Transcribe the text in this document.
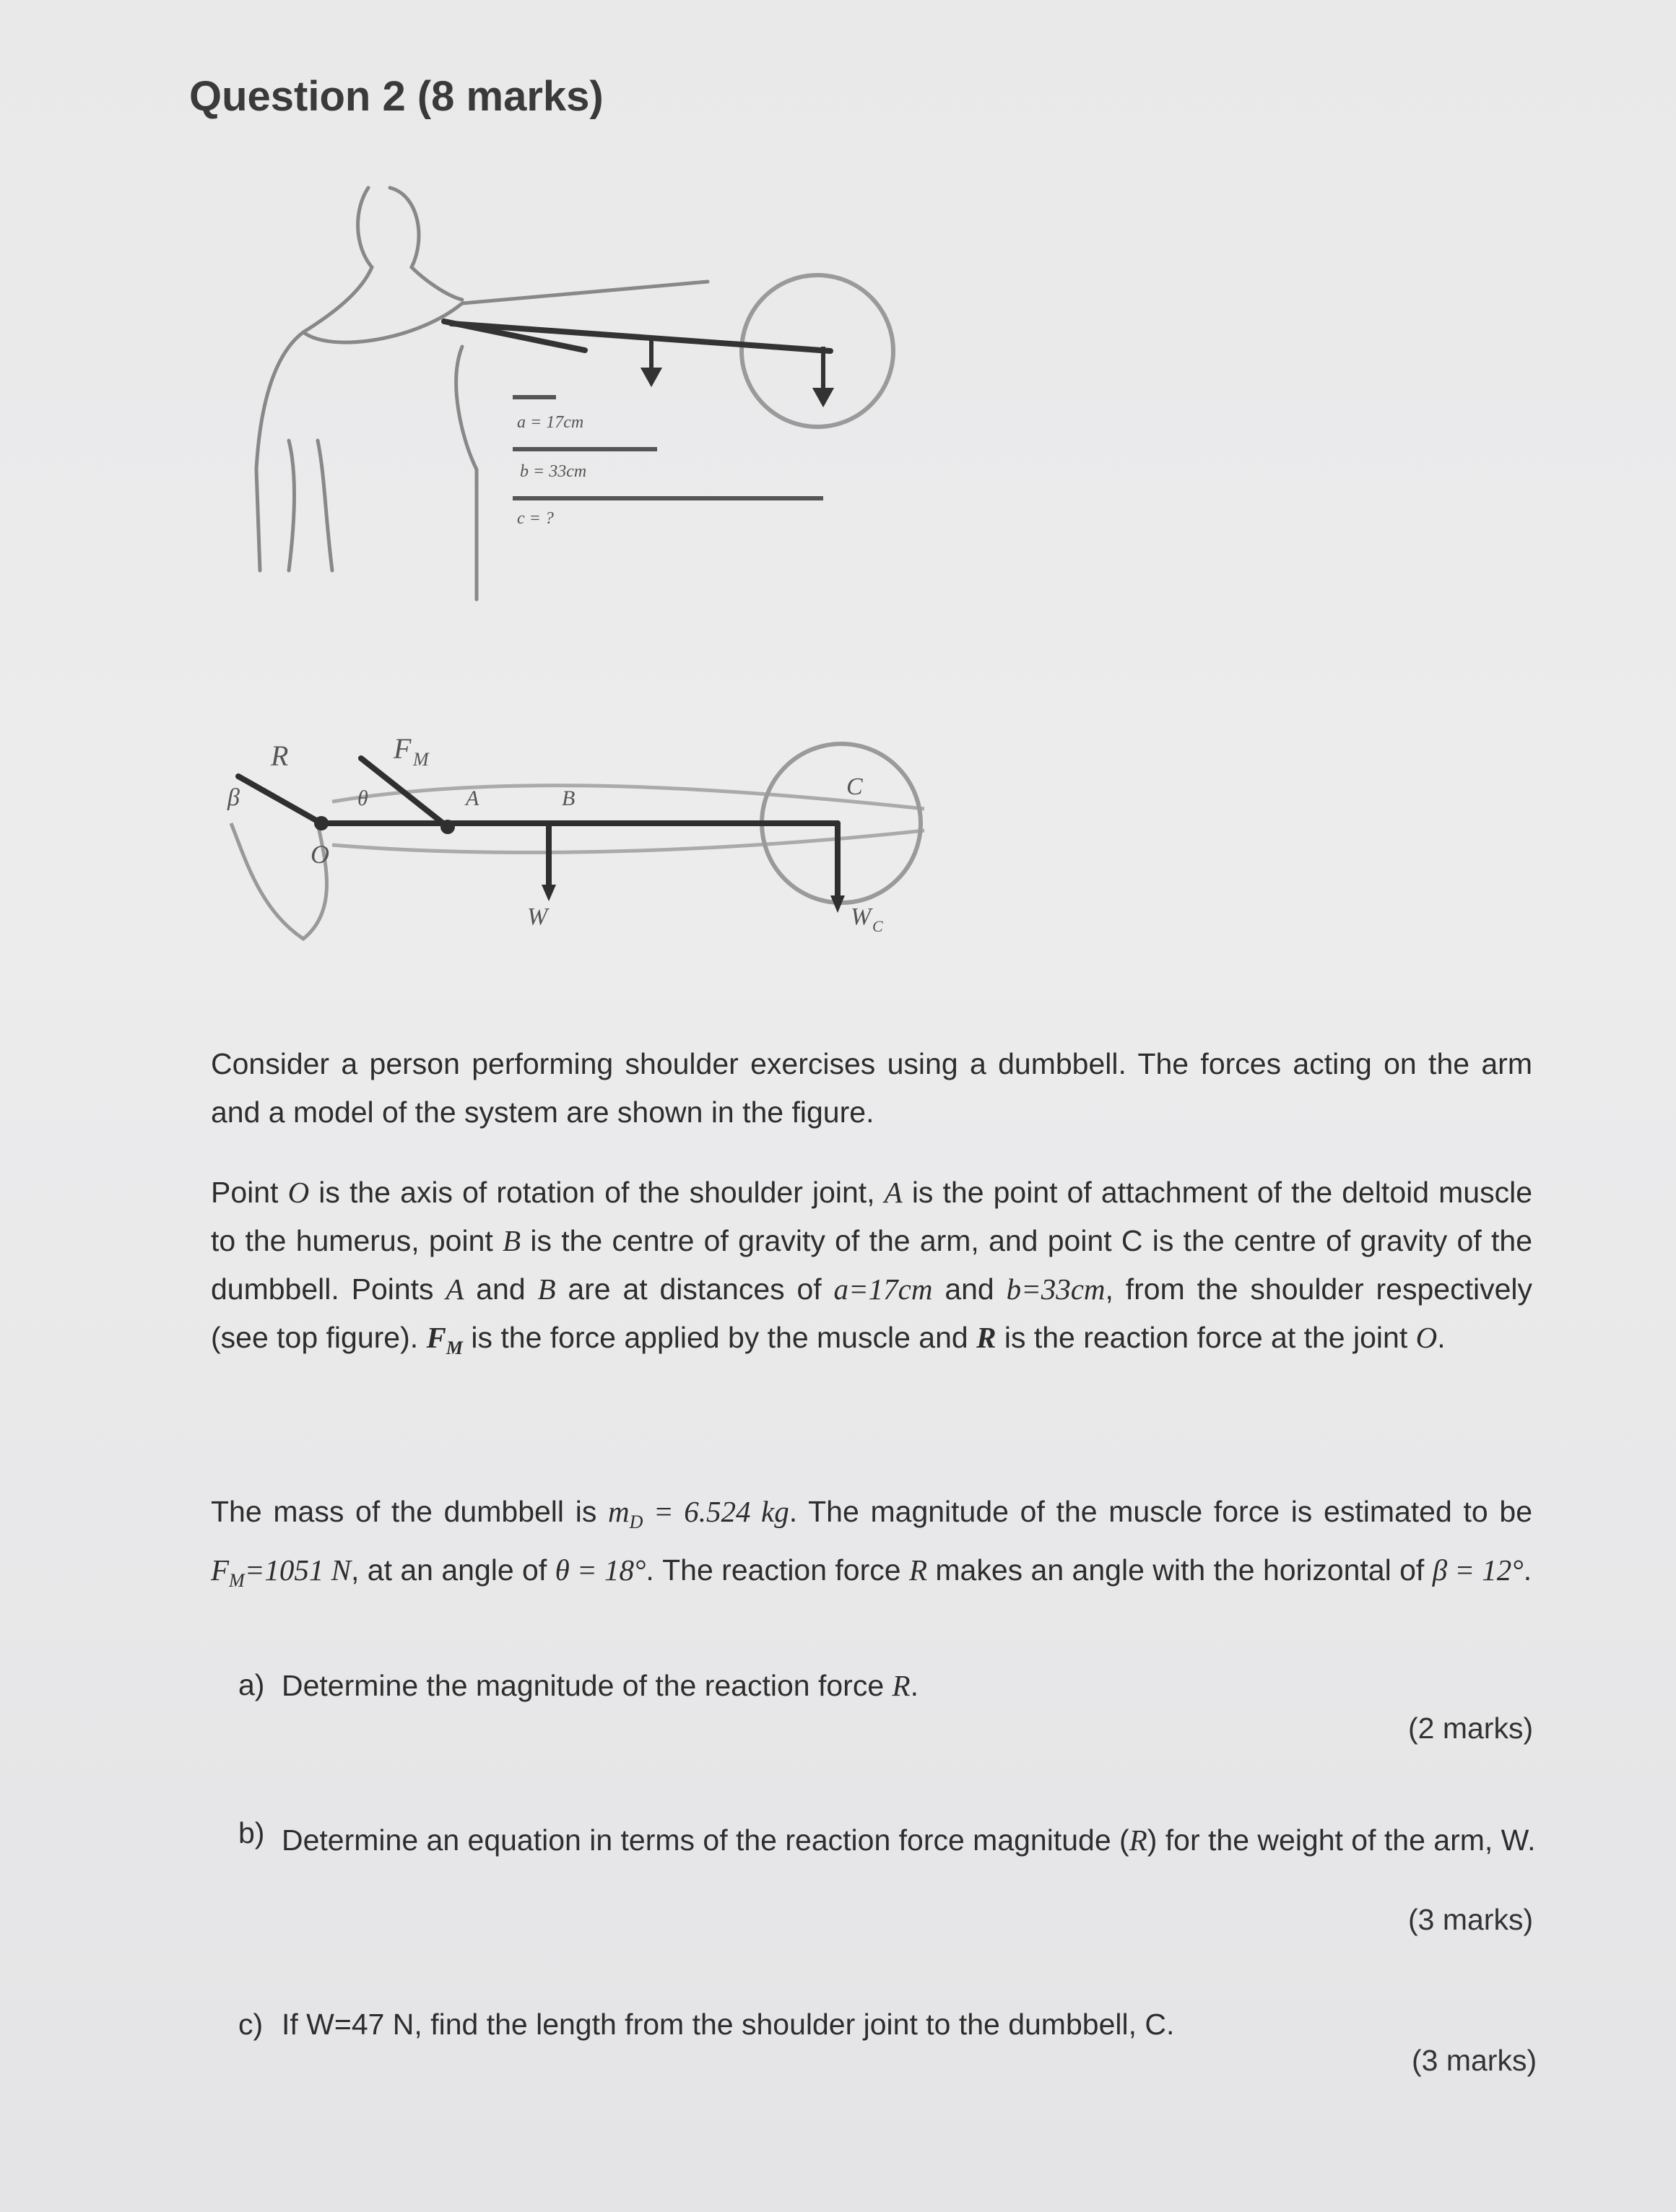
Question 2 (8 marks)
a = 17cm
b = 33cm
c = ?
R	F M
β	θ
O
A	B	C
W	W C
Consider a person performing shoulder exercises using a dumbbell. The forces acting on the arm and a model of the system are shown in the figure.
Point O is the axis of rotation of the shoulder joint, A is the point of attachment of the deltoid muscle to the humerus, point B is the centre of gravity of the arm, and point C is the centre of gravity of the dumbbell. Points A and B are at distances of a=17cm and b=33cm, from the shoulder respectively (see top figure). $F_M$ is the force applied by the muscle and R is the reaction force at the joint O.
The mass of the dumbbell is $m_D = 6.524$ kg. The magnitude of the muscle force is estimated to be $F_M=1051$ N, at an angle of θ = 18°. The reaction force R makes an angle with the horizontal of β = 12°.
a) Determine the magnitude of the reaction force R.
(2 marks)
b) Determine an equation in terms of the reaction force magnitude (R) for the weight of the arm, W.
(3 marks)
c) If W=47 N, find the length from the shoulder joint to the dumbbell, C.
(3 marks)
